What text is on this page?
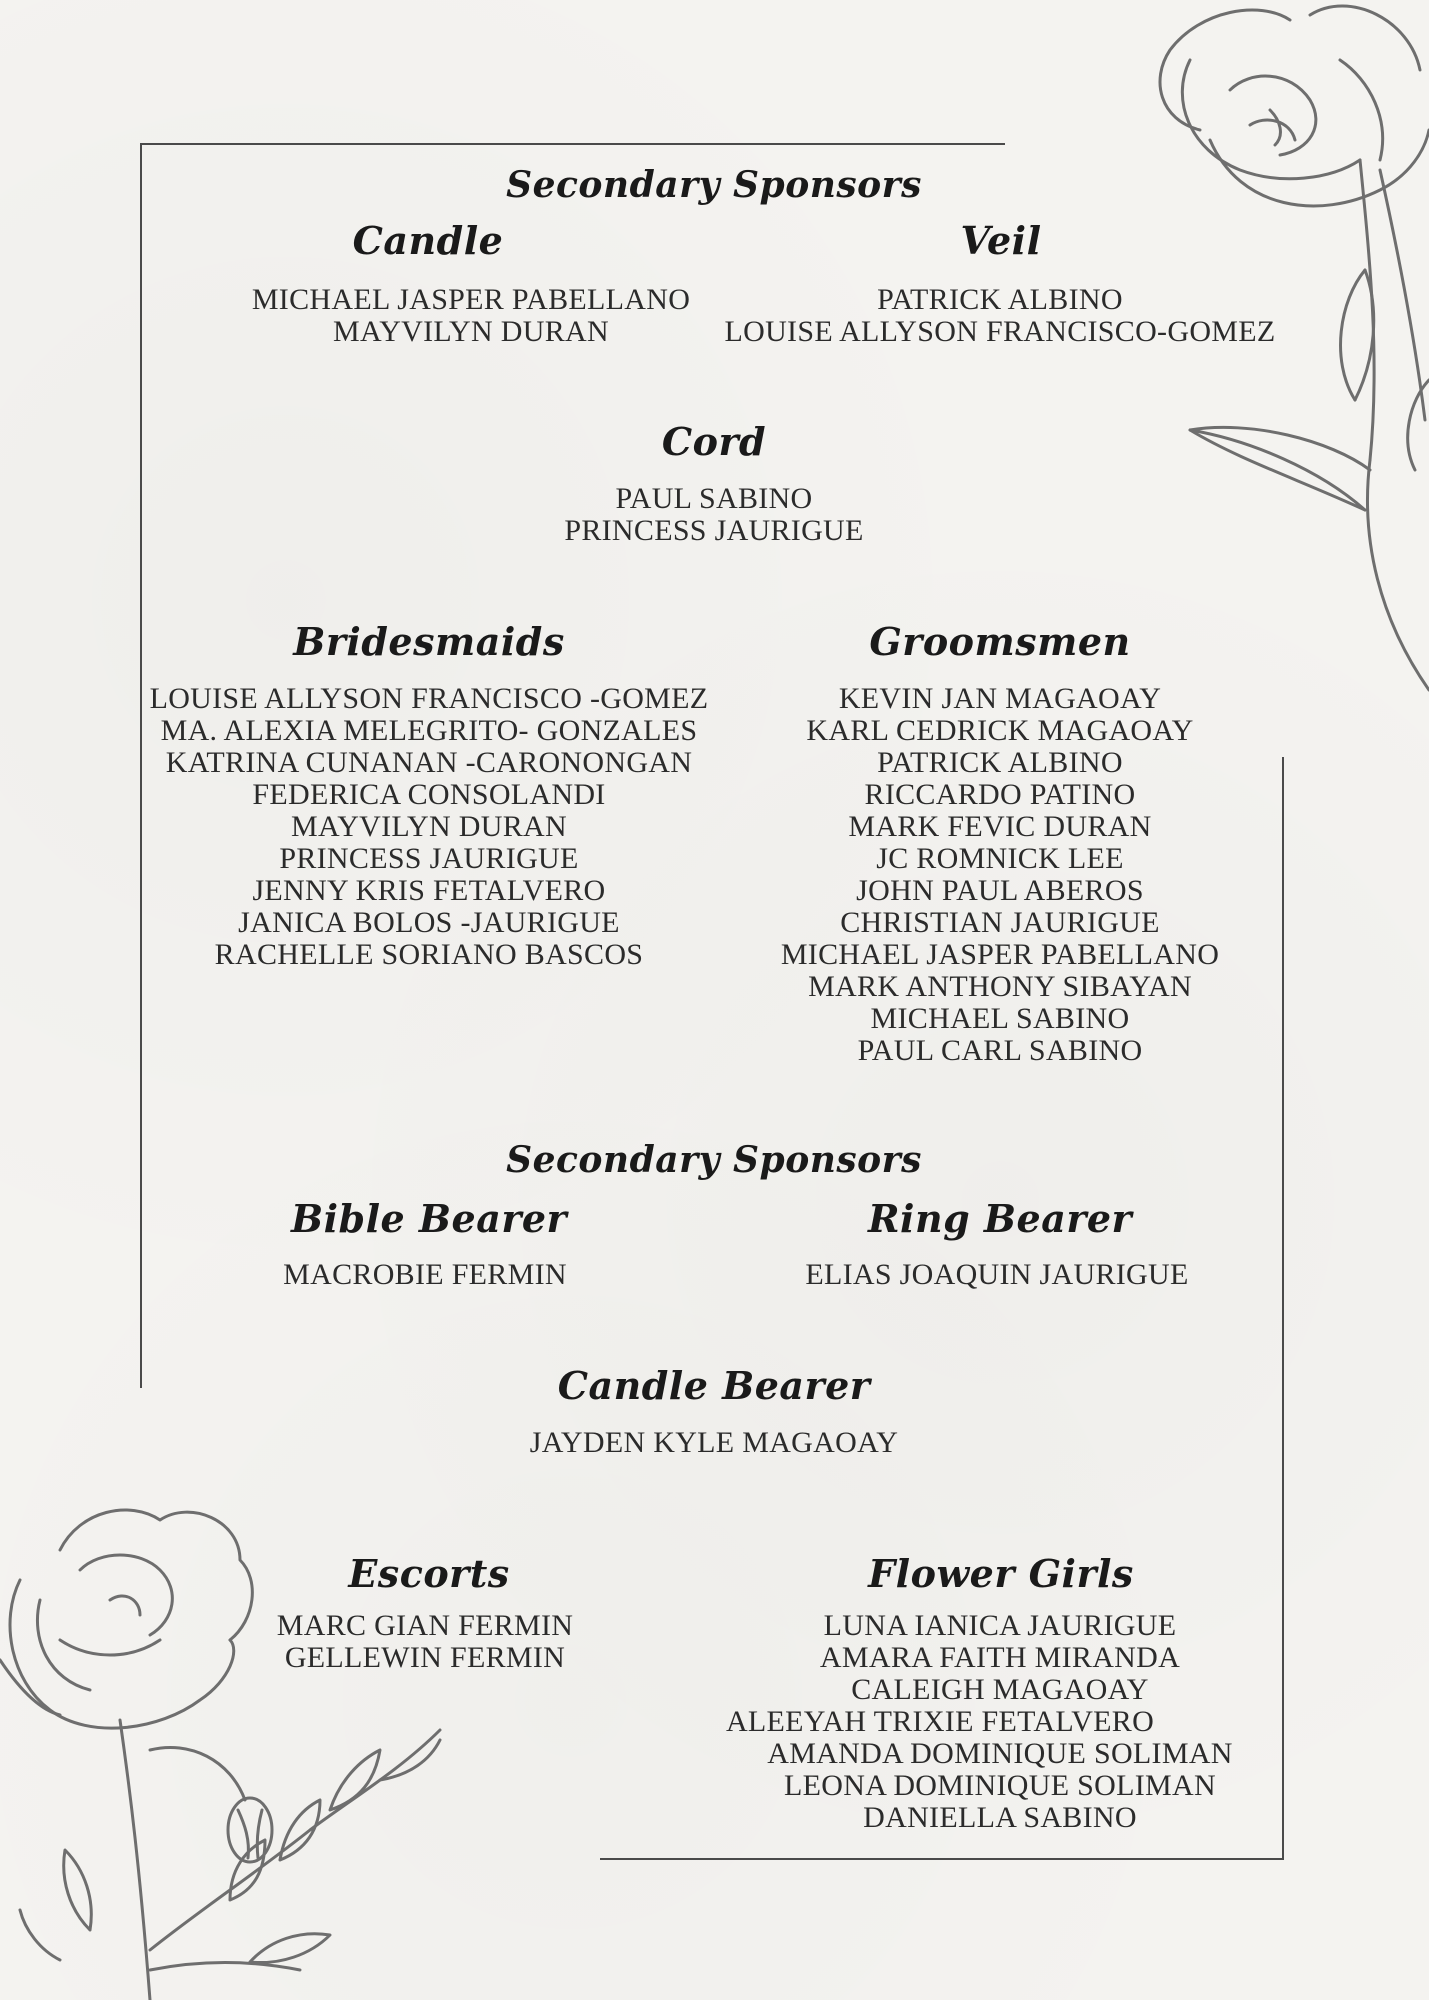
Secondary Sponsors
Candle
MICHAEL JASPER PABELLANO
MAYVILYN DURAN
Veil
PATRICK ALBINO
LOUISE ALLYSON FRANCISCO-GOMEZ
Cord
PAUL SABINO
PRINCESS JAURIGUE
Bridesmaids
LOUISE ALLYSON FRANCISCO -GOMEZ
MA. ALEXIA MELEGRITO- GONZALES
KATRINA CUNANAN -CARONONGAN
FEDERICA CONSOLANDI
MAYVILYN DURAN
PRINCESS JAURIGUE
JENNY KRIS FETALVERO
JANICA BOLOS -JAURIGUE
RACHELLE SORIANO BASCOS
Groomsmen
KEVIN JAN MAGAOAY
KARL CEDRICK MAGAOAY
PATRICK ALBINO
RICCARDO PATINO
MARK FEVIC DURAN
JC ROMNICK LEE
JOHN PAUL ABEROS
CHRISTIAN JAURIGUE
MICHAEL JASPER PABELLANO
MARK ANTHONY SIBAYAN
MICHAEL SABINO
PAUL CARL SABINO
Secondary Sponsors
Bible Bearer
MACROBIE FERMIN
Ring Bearer
ELIAS JOAQUIN JAURIGUE
Candle Bearer
JAYDEN KYLE MAGAOAY
Escorts
MARC GIAN FERMIN
GELLEWIN FERMIN
Flower Girls
LUNA IANICA JAURIGUE
AMARA FAITH MIRANDA
CALEIGH MAGAOAY
ALEEYAH TRIXIE FETALVERO
AMANDA DOMINIQUE SOLIMAN
LEONA DOMINIQUE SOLIMAN
DANIELLA SABINO
